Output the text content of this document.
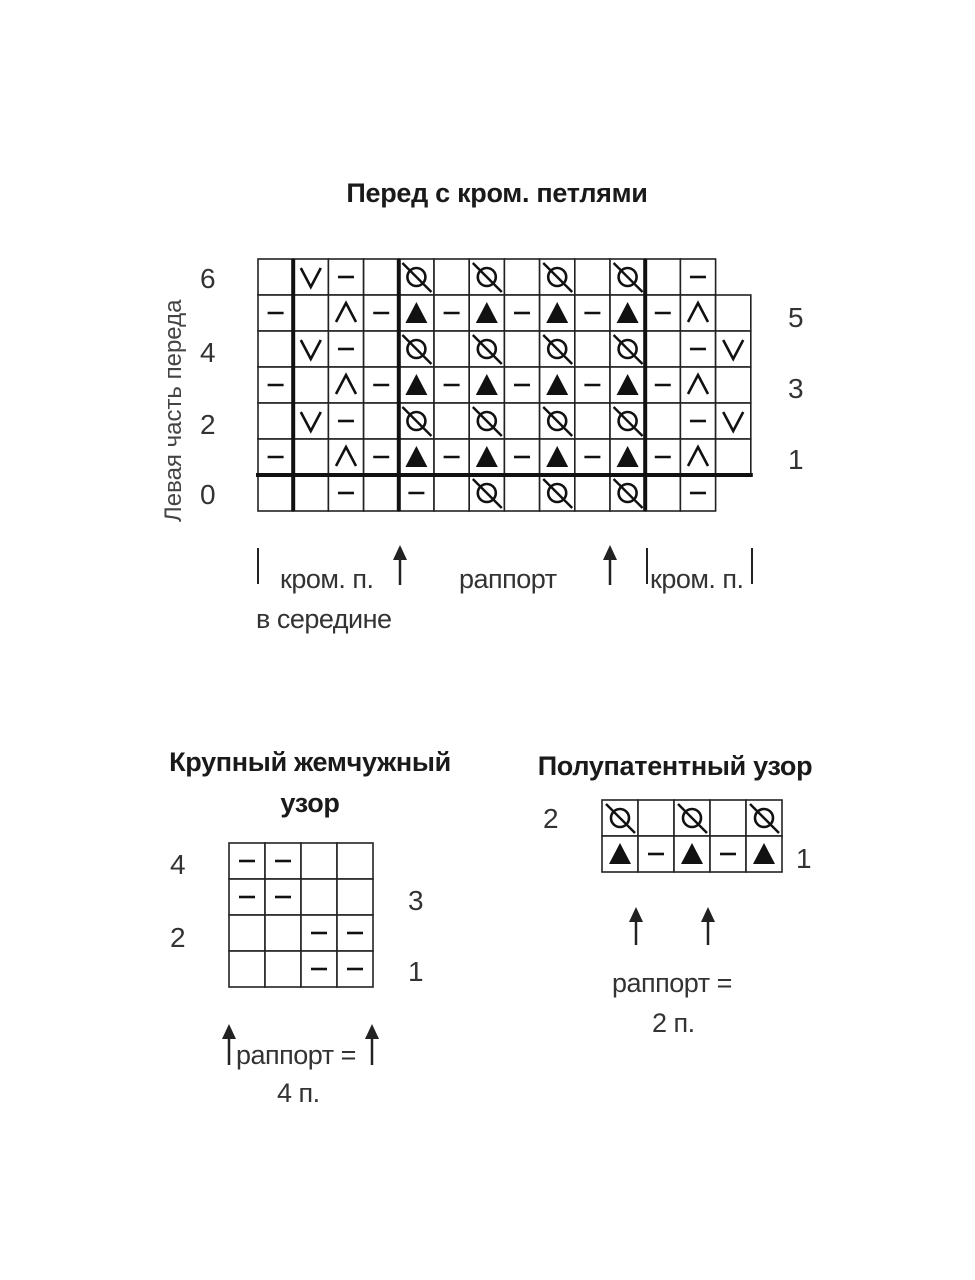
Перед с кром. петлями
Левая часть переда
6
4
2
0
5
3
1
кром. п.
в середине
раппорт	кром. п.
Крупный жемчужный
узор
4
2
3
1
раппорт =
4 п.
Полупатентный узор
2
1
раппорт =
2 п.
